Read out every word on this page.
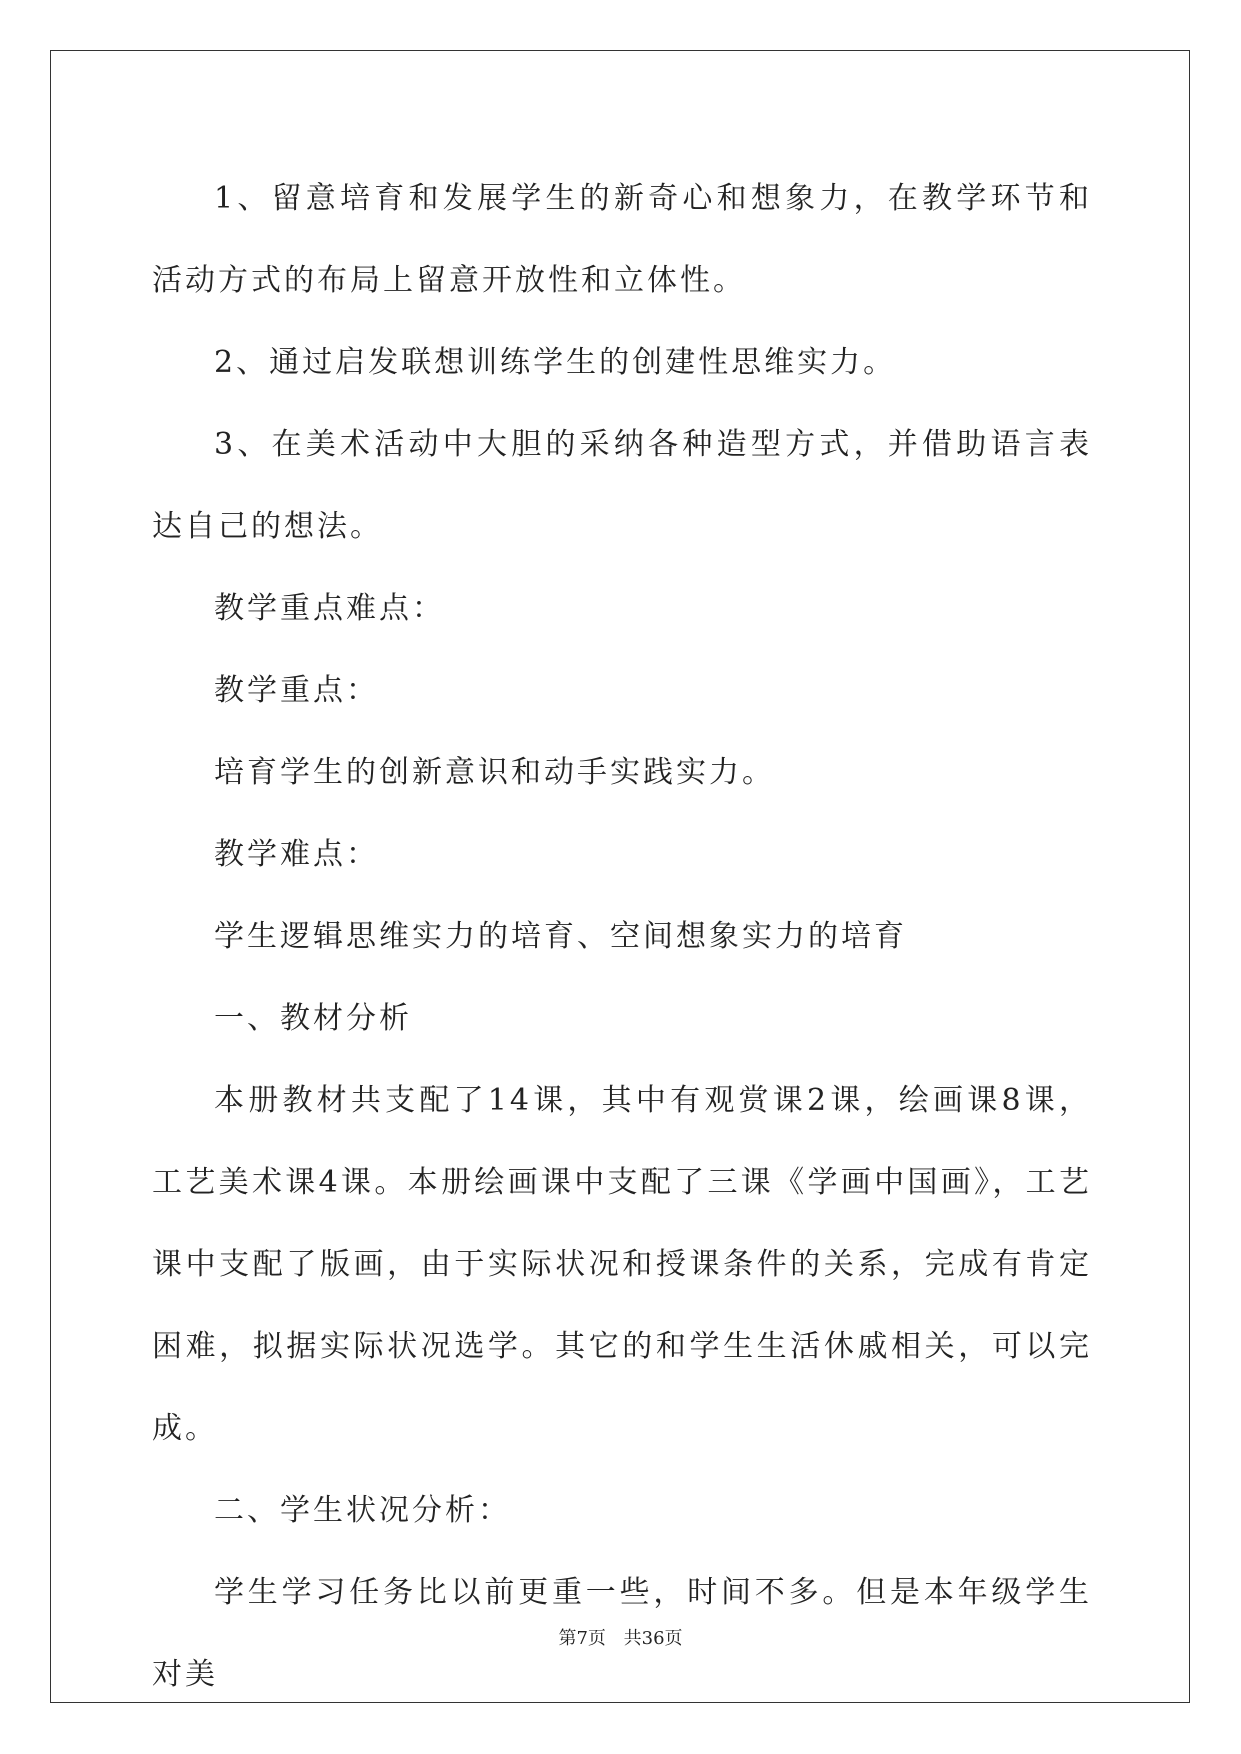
1、留意培育和发展学生的新奇心和想象力，在教学环节和活动方式的布局上留意开放性和立体性。

2、通过启发联想训练学生的创建性思维实力。

3、在美术活动中大胆的采纳各种造型方式，并借助语言表达自己的想法。

教学重点难点：

教学重点：

培育学生的创新意识和动手实践实力。

教学难点：

学生逻辑思维实力的培育、空间想象实力的培育

一、教材分析

本册教材共支配了14课，其中有观赏课2课，绘画课8课，工艺美术课4课。本册绘画课中支配了三课《学画中国画》，工艺课中支配了版画，由于实际状况和授课条件的关系，完成有肯定困难，拟据实际状况选学。其它的和学生生活休戚相关，可以完成。

二、学生状况分析：

学生学习任务比以前更重一些，时间不多。但是本年级学生对美

第7页 共36页
